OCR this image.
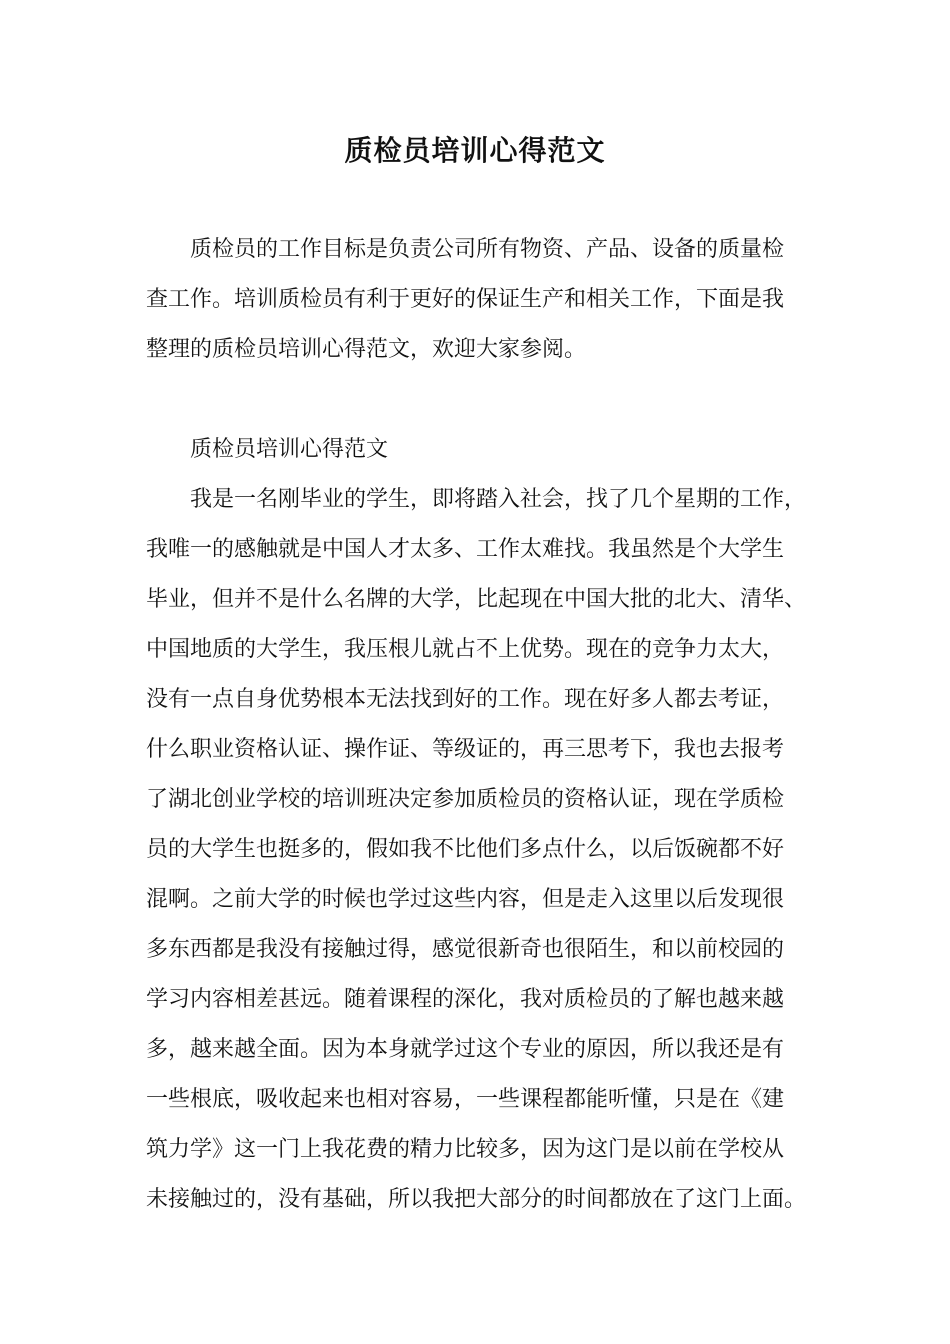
质检员培训心得范文
质检员的工作目标是负责公司所有物资、产品、设备的质量检
查工作。培训质检员有利于更好的保证生产和相关工作，下面是我
整理的质检员培训心得范文，欢迎大家参阅。
质检员培训心得范文
我是一名刚毕业的学生，即将踏入社会，找了几个星期的工作，
我唯一的感触就是中国人才太多、工作太难找。我虽然是个大学生
毕业，但并不是什么名牌的大学，比起现在中国大批的北大、清华、
中国地质的大学生，我压根儿就占不上优势。现在的竞争力太大，
没有一点自身优势根本无法找到好的工作。现在好多人都去考证，
什么职业资格认证、操作证、等级证的，再三思考下，我也去报考
了湖北创业学校的培训班决定参加质检员的资格认证，现在学质检
员的大学生也挺多的，假如我不比他们多点什么，以后饭碗都不好
混啊。之前大学的时候也学过这些内容，但是走入这里以后发现很
多东西都是我没有接触过得，感觉很新奇也很陌生，和以前校园的
学习内容相差甚远。随着课程的深化，我对质检员的了解也越来越
多，越来越全面。因为本身就学过这个专业的原因，所以我还是有
一些根底，吸收起来也相对容易，一些课程都能听懂，只是在《建
筑力学》这一门上我花费的精力比较多，因为这门是以前在学校从
未接触过的，没有基础，所以我把大部分的时间都放在了这门上面。
